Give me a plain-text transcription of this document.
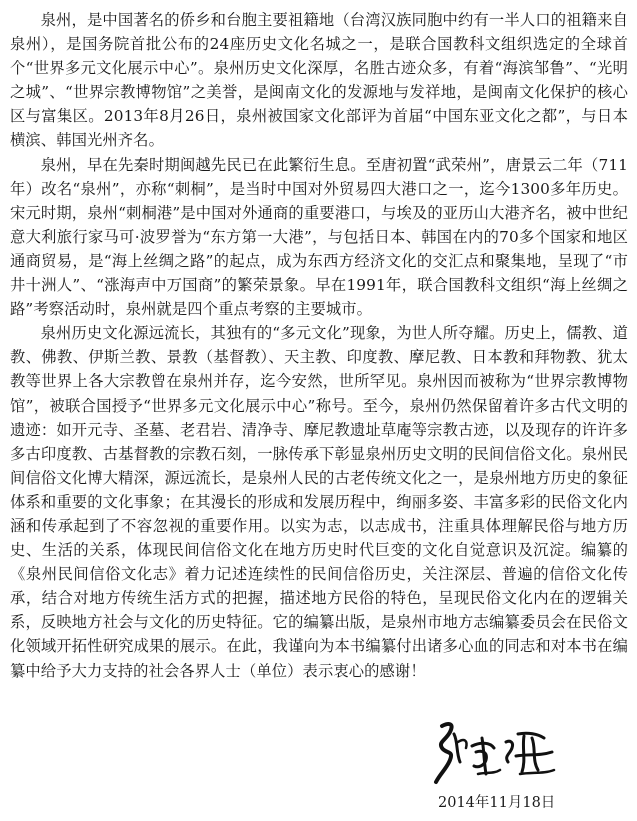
泉州，是中国著名的侨乡和台胞主要祖籍地（台湾汉族同胞中约有一半人口的祖籍来自泉州），是国务院首批公布的24座历史文化名城之一，是联合国教科文组织选定的全球首个“世界多元文化展示中心”。泉州历史文化深厚，名胜古迹众多，有着“海滨邹鲁”、“光明之城”、“世界宗教博物馆”之美誉，是闽南文化的发源地与发祥地，是闽南文化保护的核心区与富集区。2013年8月26日，泉州被国家文化部评为首届“中国东亚文化之都”，与日本横滨、韩国光州齐名。

泉州，早在先秦时期闽越先民已在此繁衍生息。至唐初置“武荣州”，唐景云二年（711年）改名“泉州”，亦称“刺桐”，是当时中国对外贸易四大港口之一，迄今1300多年历史。宋元时期，泉州“刺桐港”是中国对外通商的重要港口，与埃及的亚历山大港齐名，被中世纪意大利旅行家马可·波罗誉为“东方第一大港”，与包括日本、韩国在内的70多个国家和地区通商贸易，是“海上丝绸之路”的起点，成为东西方经济文化的交汇点和聚集地，呈现了“市井十洲人”、“涨海声中万国商”的繁荣景象。早在1991年，联合国教科文组织“海上丝绸之路”考察活动时，泉州就是四个重点考察的主要城市。

泉州历史文化源远流长，其独有的“多元文化”现象，为世人所夺耀。历史上，儒教、道教、佛教、伊斯兰教、景教（基督教）、天主教、印度教、摩尼教、日本教和拜物教、犹太教等世界上各大宗教曾在泉州并存，迄今安然，世所罕见。泉州因而被称为“世界宗教博物馆”，被联合国授予“世界多元文化展示中心”称号。至今，泉州仍然保留着许多古代文明的遗迹：如开元寺、圣墓、老君岩、清净寺、摩尼教遗址草庵等宗教古迹，以及现存的许许多多古印度教、古基督教的宗教石刻，一脉传承下彰显泉州历史文明的民间信俗文化。泉州民间信俗文化博大精深，源远流长，是泉州人民的古老传统文化之一，是泉州地方历史的象征体系和重要的文化事象；在其漫长的形成和发展历程中，绚丽多姿、丰富多彩的民俗文化内涵和传承起到了不容忽视的重要作用。以实为志，以志成书，注重具体理解民俗与地方历史、生活的关系，体现民间信俗文化在地方历史时代巨变的文化自觉意识及沉淀。编纂的《泉州民间信俗文化志》着力记述连续性的民间信俗历史，关注深层、普遍的信俗文化传承，结合对地方传统生活方式的把握，描述地方民俗的特色，呈现民俗文化内在的逻辑关系，反映地方社会与文化的历史特征。它的编纂出版，是泉州市地方志编纂委员会在民俗文化领域开拓性研究成果的展示。在此，我谨向为本书编纂付出诸多心血的同志和对本书在编纂中给予大力支持的社会各界人士（单位）表示衷心的感谢！

2014年11月18日
